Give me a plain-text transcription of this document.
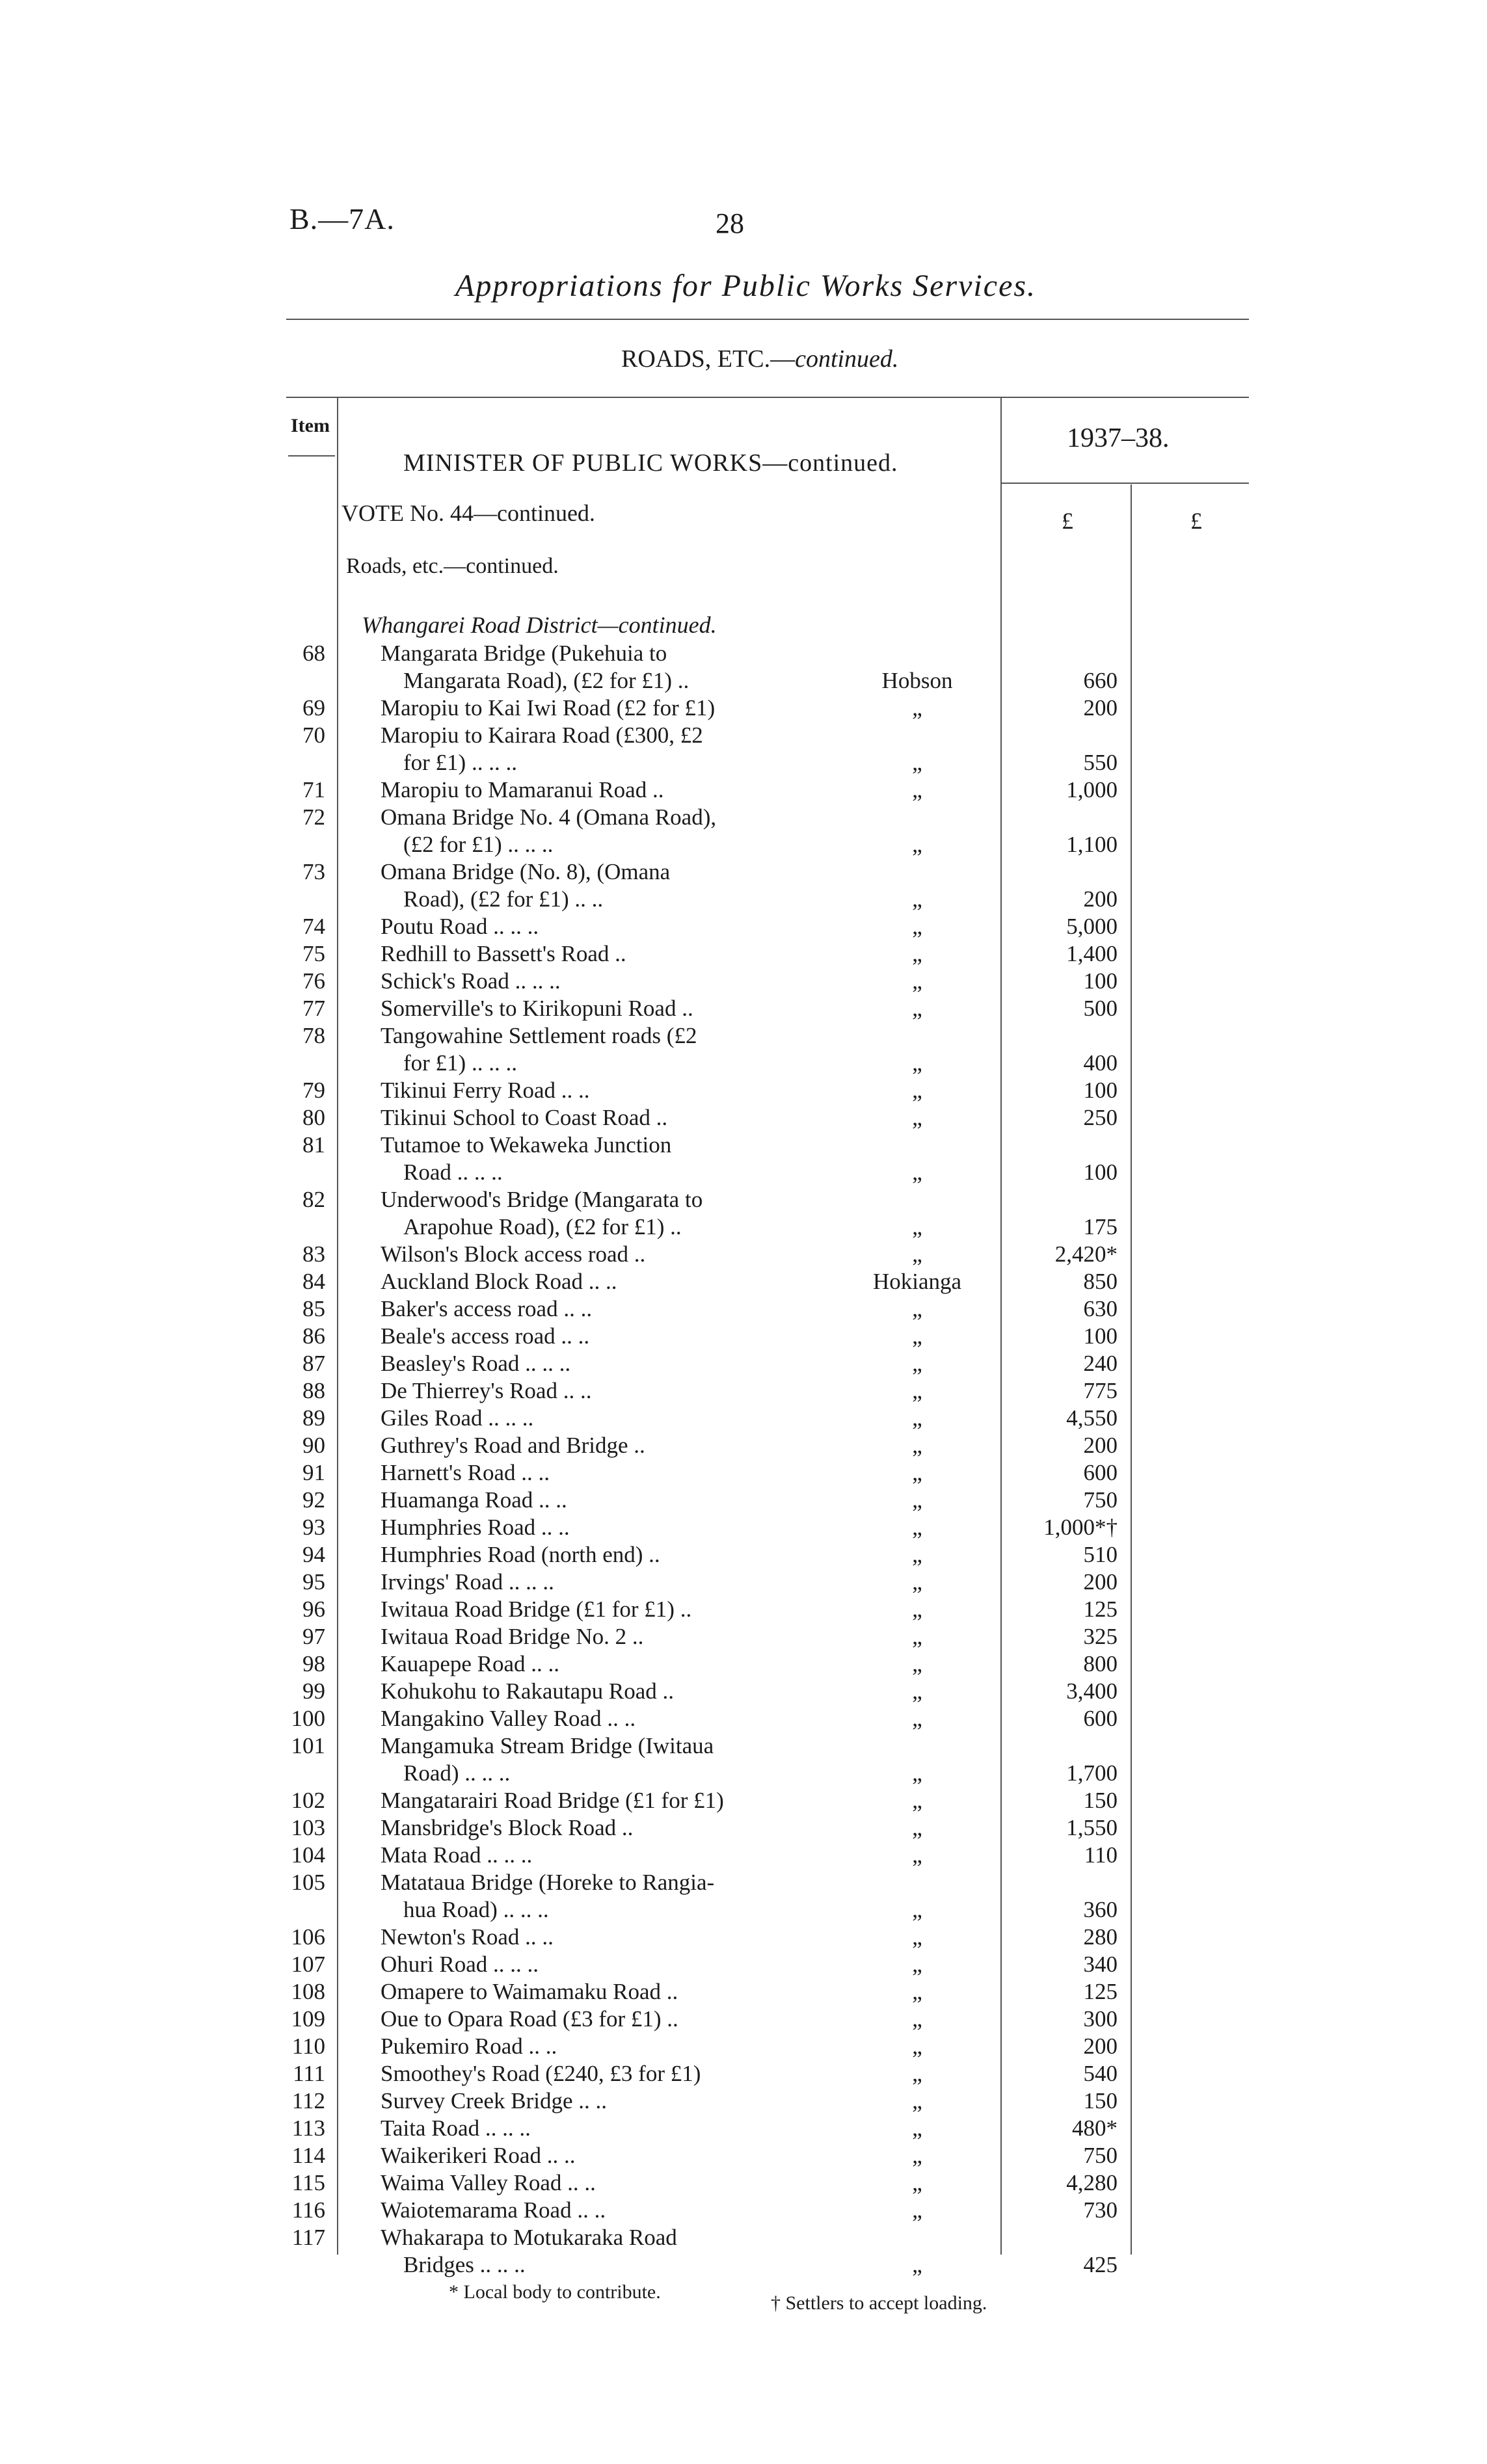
B.—7A.	28
Appropriations for Public Works Services.
ROADS, ETC.—continued.
Item
MINISTER OF PUBLIC WORKS—continued.
1937–38.
£	£
VOTE No. 44—continued.
Roads, etc.—continued.
Whangarei Road District—continued.
68 Mangarata Bridge (Pukehuia to
Mangarata Road), (£2 for £1) ..	Hobson	660
69 Maropiu to Kai Iwi Road (£2 for £1)	„	200
70 Maropiu to Kairara Road (£300, £2
for £1) .. .. ..	„	550
71 Maropiu to Mamaranui Road ..	„	1,000
72 Omana Bridge No. 4 (Omana Road),
(£2 for £1) .. .. ..	„	1,100
73 Omana Bridge (No. 8), (Omana
Road), (£2 for £1) .. ..	„	200
74 Poutu Road .. .. ..	„	5,000
75 Redhill to Bassett's Road ..	„	1,400
76 Schick's Road .. .. ..	„	100
77 Somerville's to Kirikopuni Road ..	„	500
78 Tangowahine Settlement roads (£2
for £1) .. .. ..	„	400
79 Tikinui Ferry Road .. ..	„	100
80 Tikinui School to Coast Road ..	„	250
81 Tutamoe to Wekaweka Junction
Road .. .. ..	„	100
82 Underwood's Bridge (Mangarata to
Arapohue Road), (£2 for £1) ..	„	175
83 Wilson's Block access road ..	„	2,420*
84 Auckland Block Road .. ..	Hokianga	850
85 Baker's access road .. ..	„	630
86 Beale's access road .. ..	„	100
87 Beasley's Road .. .. ..	„	240
88 De Thierrey's Road .. ..	„	775
89 Giles Road .. .. ..	„	4,550
90 Guthrey's Road and Bridge ..	„	200
91 Harnett's Road .. ..	„	600
92 Huamanga Road .. ..	„	750
93 Humphries Road .. ..	„	1,000*†
94 Humphries Road (north end) ..	„	510
95 Irvings' Road .. .. ..	„	200
96 Iwitaua Road Bridge (£1 for £1) ..	„	125
97 Iwitaua Road Bridge No. 2 ..	„	325
98 Kauapepe Road .. ..	„	800
99 Kohukohu to Rakautapu Road ..	„	3,400
100 Mangakino Valley Road .. ..	„	600
101 Mangamuka Stream Bridge (Iwitaua
Road) .. .. ..	„	1,700
102 Mangatarairi Road Bridge (£1 for £1)	„	150
103 Mansbridge's Block Road ..	„	1,550
104 Mata Road .. .. ..	„	110
105 Matataua Bridge (Horeke to Rangia-
hua Road) .. .. ..	„	360
106 Newton's Road .. ..	„	280
107 Ohuri Road .. .. ..	„	340
108 Omapere to Waimamaku Road ..	„	125
109 Oue to Opara Road (£3 for £1) ..	„	300
110 Pukemiro Road .. ..	„	200
111 Smoothey's Road (£240, £3 for £1)	„	540
112 Survey Creek Bridge .. ..	„	150
113 Taita Road .. .. ..	„	480*
114 Waikerikeri Road .. ..	„	750
115 Waima Valley Road .. ..	„	4,280
116 Waiotemarama Road .. ..	„	730
117 Whakarapa to Motukaraka Road
Bridges .. .. ..	„	425
* Local body to contribute.
† Settlers to accept loading.
